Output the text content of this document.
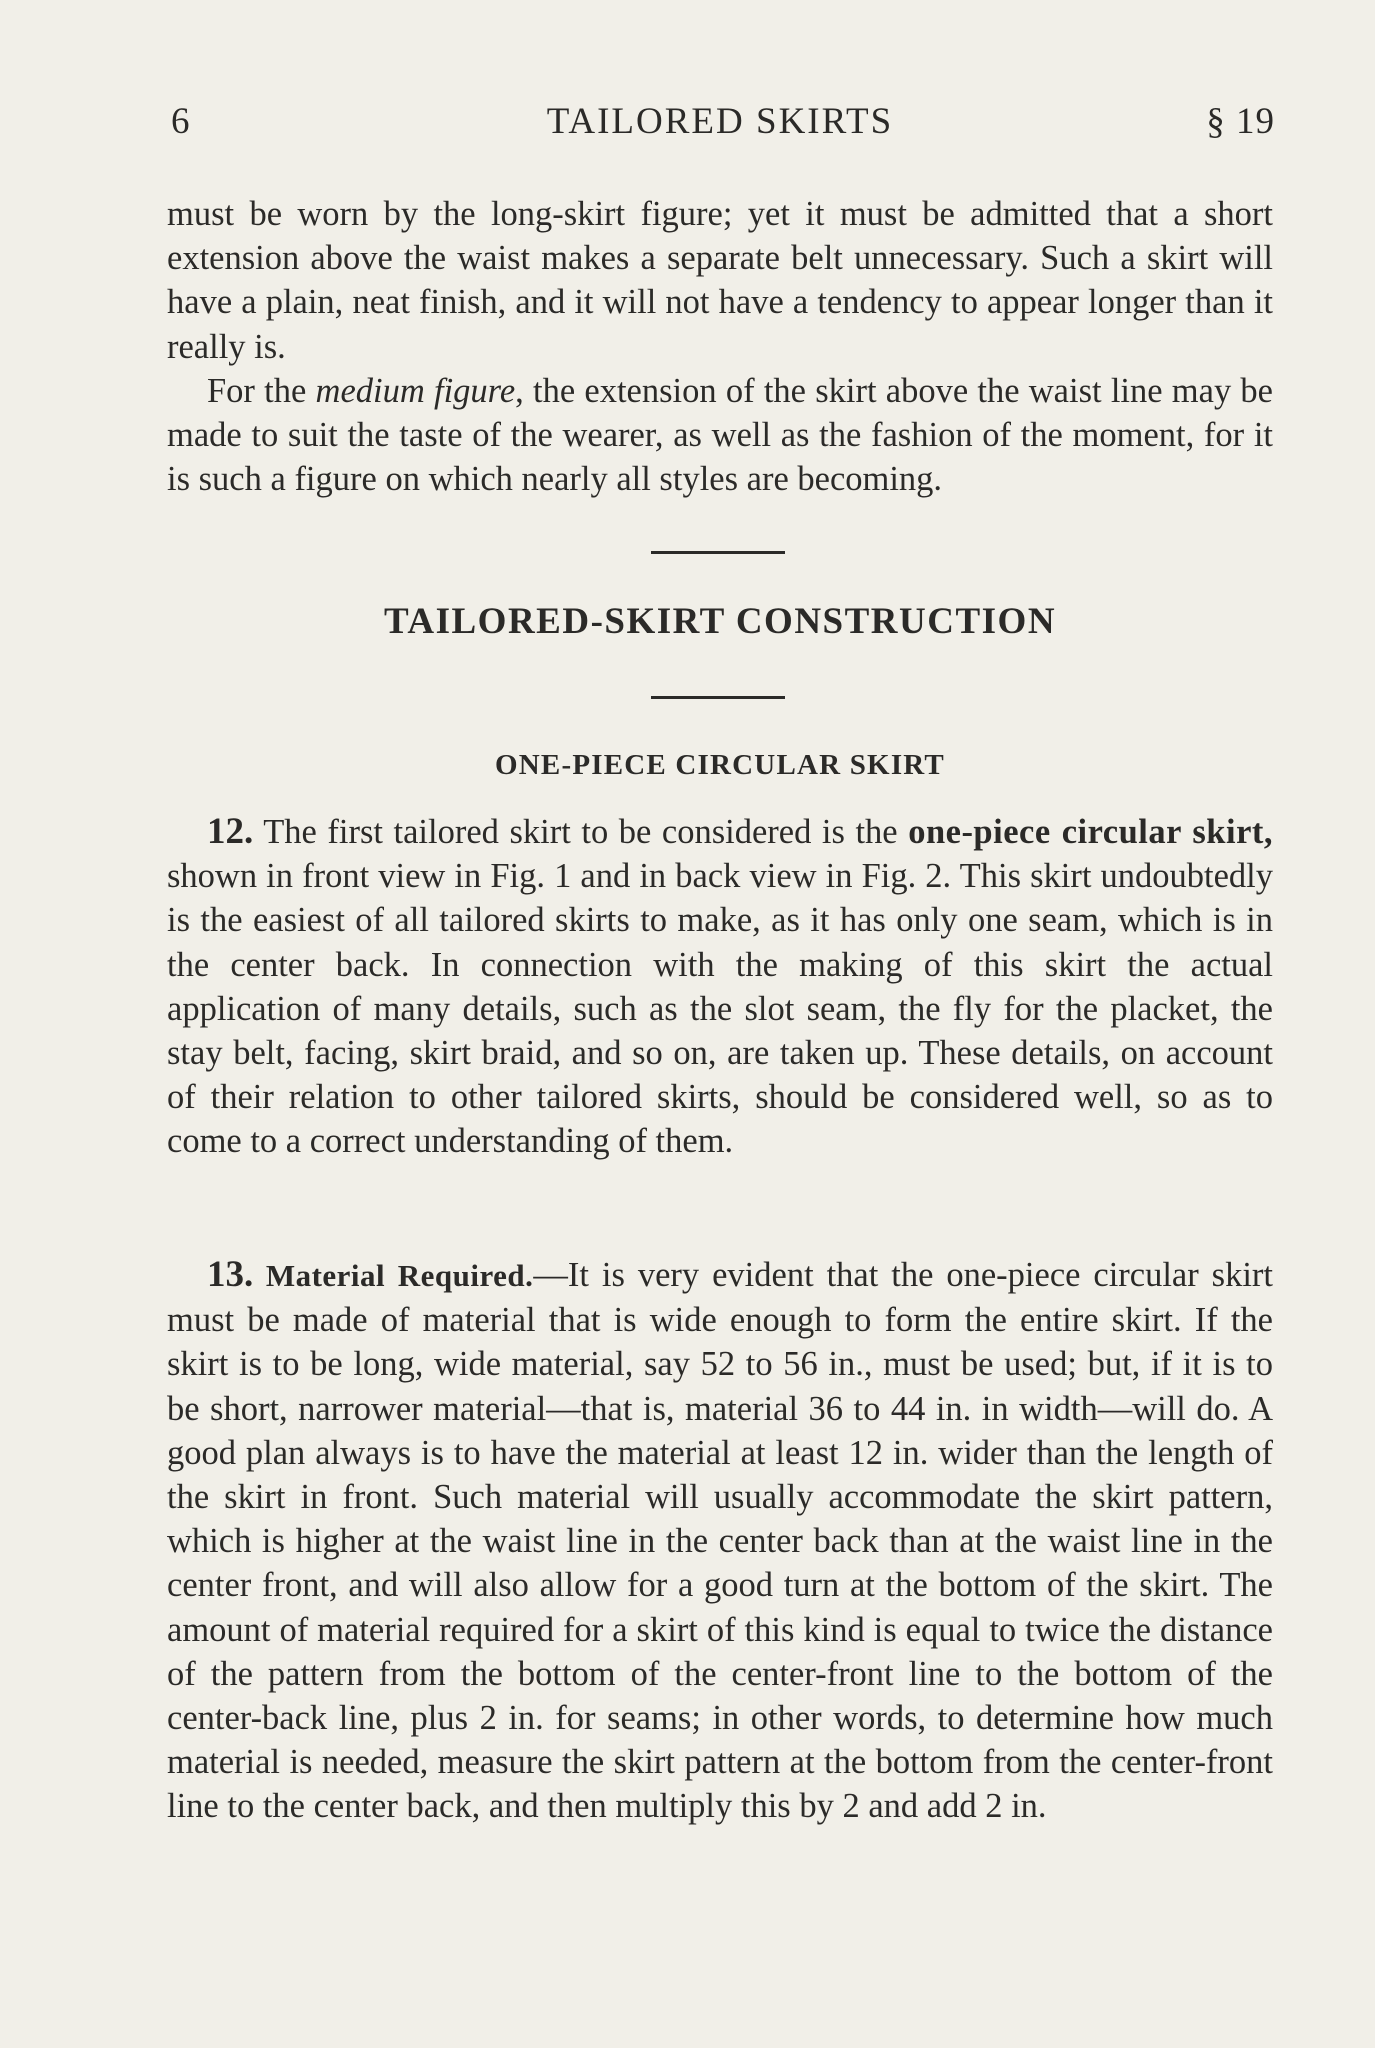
6	TAILORED SKIRTS	§ 19

must be worn by the long-skirt figure; yet it must be admitted that a short extension above the waist makes a separate belt unnecessary. Such a skirt will have a plain, neat finish, and it will not have a tendency to appear longer than it really is.

For the medium figure, the extension of the skirt above the waist line may be made to suit the taste of the wearer, as well as the fashion of the moment, for it is such a figure on which nearly all styles are becoming.

TAILORED-SKIRT CONSTRUCTION
ONE-PIECE CIRCULAR SKIRT

12. The first tailored skirt to be considered is the one-piece circular skirt, shown in front view in Fig. 1 and in back view in Fig. 2. This skirt undoubtedly is the easiest of all tailored skirts to make, as it has only one seam, which is in the center back. In connection with the making of this skirt the actual application of many details, such as the slot seam, the fly for the placket, the stay belt, facing, skirt braid, and so on, are taken up. These details, on account of their relation to other tailored skirts, should be considered well, so as to come to a correct understanding of them.

13. Material Required.—It is very evident that the one-piece circular skirt must be made of material that is wide enough to form the entire skirt. If the skirt is to be long, wide material, say 52 to 56 in., must be used; but, if it is to be short, narrower material—that is, material 36 to 44 in. in width—will do. A good plan always is to have the material at least 12 in. wider than the length of the skirt in front. Such material will usually accommodate the skirt pattern, which is higher at the waist line in the center back than at the waist line in the center front, and will also allow for a good turn at the bottom of the skirt. The amount of material required for a skirt of this kind is equal to twice the distance of the pattern from the bottom of the center-front line to the bottom of the center-back line, plus 2 in. for seams; in other words, to determine how much material is needed, measure the skirt pattern at the bottom from the center-front line to the center back, and then multiply this by 2 and add 2 in.
